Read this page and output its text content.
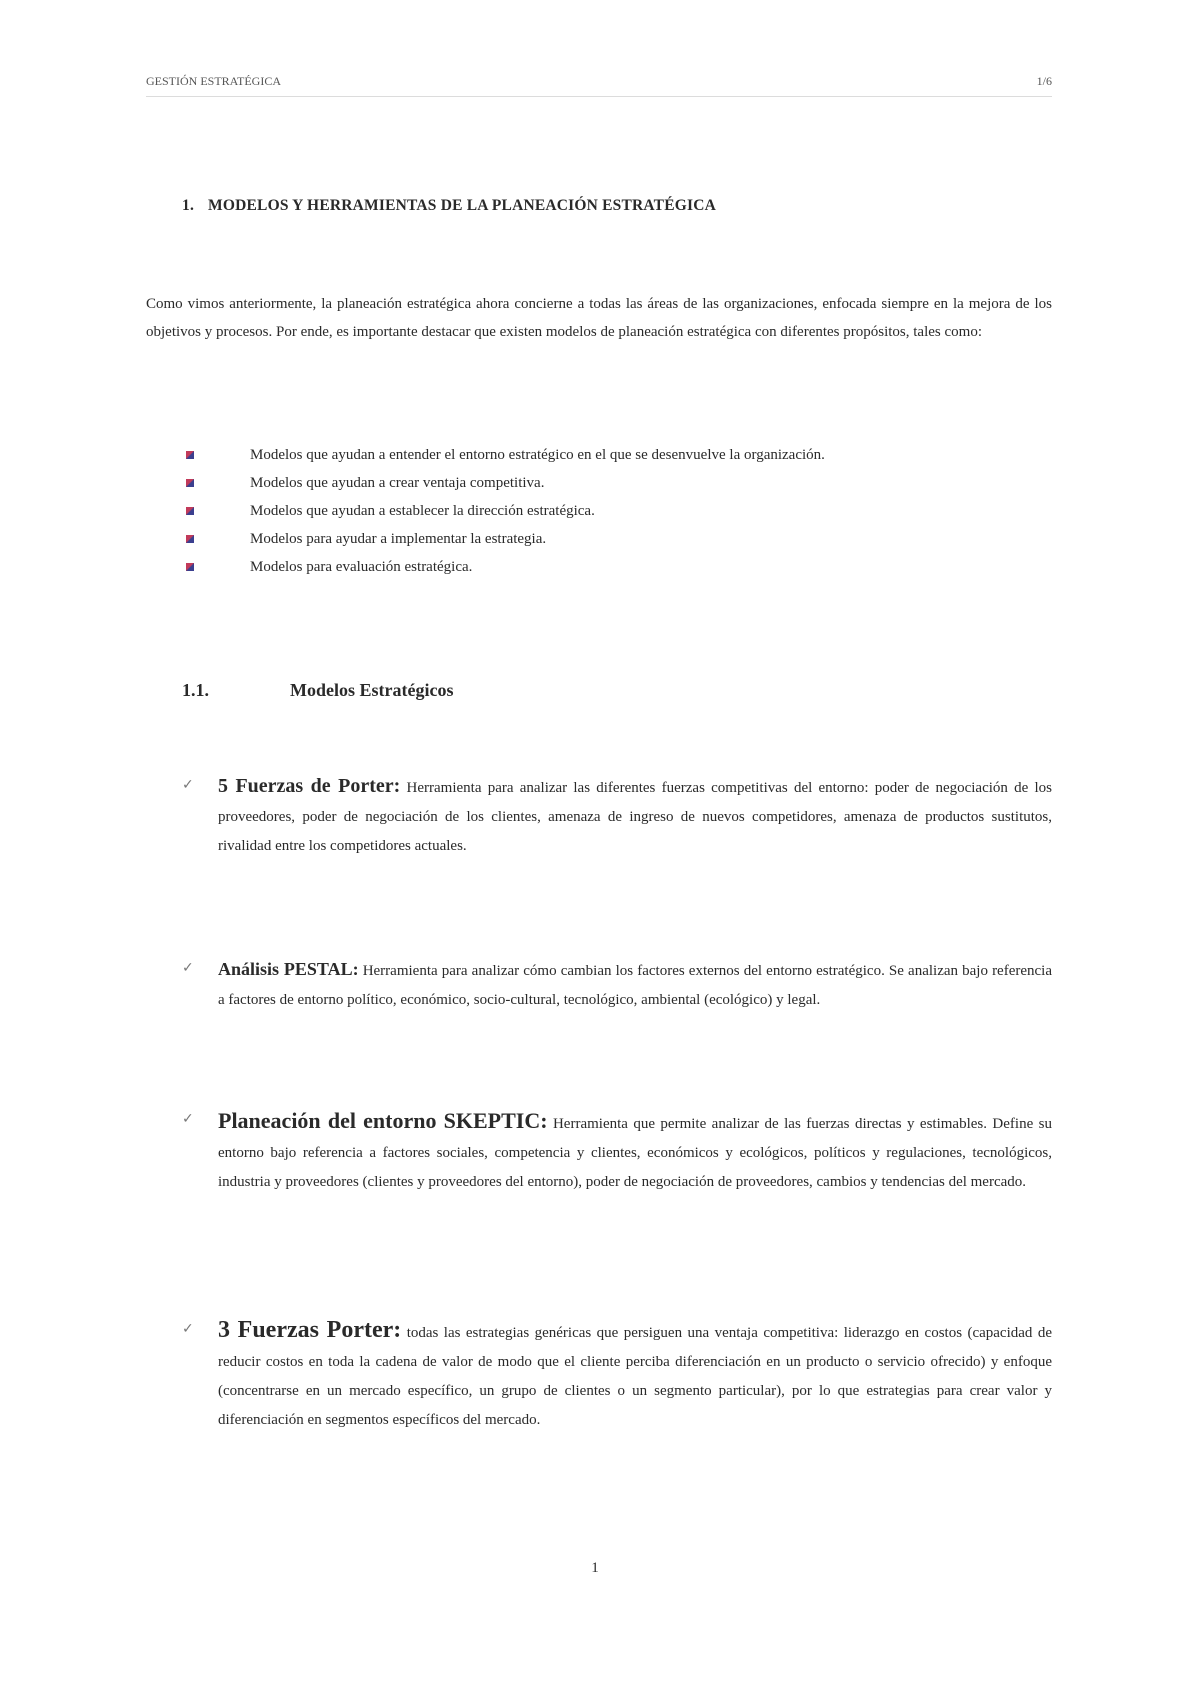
GESTIÓN ESTRATÉGICA	1/6
1. MODELOS Y HERRAMIENTAS DE LA PLANEACIÓN ESTRATÉGICA
Como vimos anteriormente, la planeación estratégica ahora concierne a todas las áreas de las organizaciones, enfocada siempre en la mejora de los objetivos y procesos. Por ende, es importante destacar que existen modelos de planeación estratégica con diferentes propósitos, tales como:
Modelos que ayudan a entender el entorno estratégico en el que se desenvuelve la organización.
Modelos que ayudan a crear ventaja competitiva.
Modelos que ayudan a establecer la dirección estratégica.
Modelos para ayudar a implementar la estrategia.
Modelos para evaluación estratégica.
1.1.	Modelos Estratégicos
✓ 5 Fuerzas de Porter: Herramienta para analizar las diferentes fuerzas competitivas del entorno: poder de negociación de los proveedores, poder de negociación de los clientes, amenaza de ingreso de nuevos competidores, amenaza de productos sustitutos, rivalidad entre los competidores actuales.

✓ Análisis PESTAL: Herramienta para analizar cómo cambian los factores externos del entorno estratégico. Se analizan bajo referencia a factores de entorno político, económico, socio-cultural, tecnológico, ambiental (ecológico) y legal.

✓ Planeación del entorno SKEPTIC: Herramienta que permite analizar de las fuerzas directas y estimables. Define su entorno bajo referencia a factores sociales, competencia y clientes, económicos y ecológicos, políticos y regulaciones, tecnológicos, industria y proveedores (clientes y proveedores del entorno), poder de negociación de proveedores, cambios y tendencias del mercado.

✓ 3 Fuerzas Porter: todas las estrategias genéricas que persiguen una ventaja competitiva: liderazgo en costos (capacidad de reducir costos en toda la cadena de valor de modo que el cliente perciba diferenciación en un producto o servicio ofrecido) y enfoque (concentrarse en un mercado específico, un grupo de clientes o un segmento particular), por lo que estrategias para crear valor y diferenciación en segmentos específicos del mercado.

1
